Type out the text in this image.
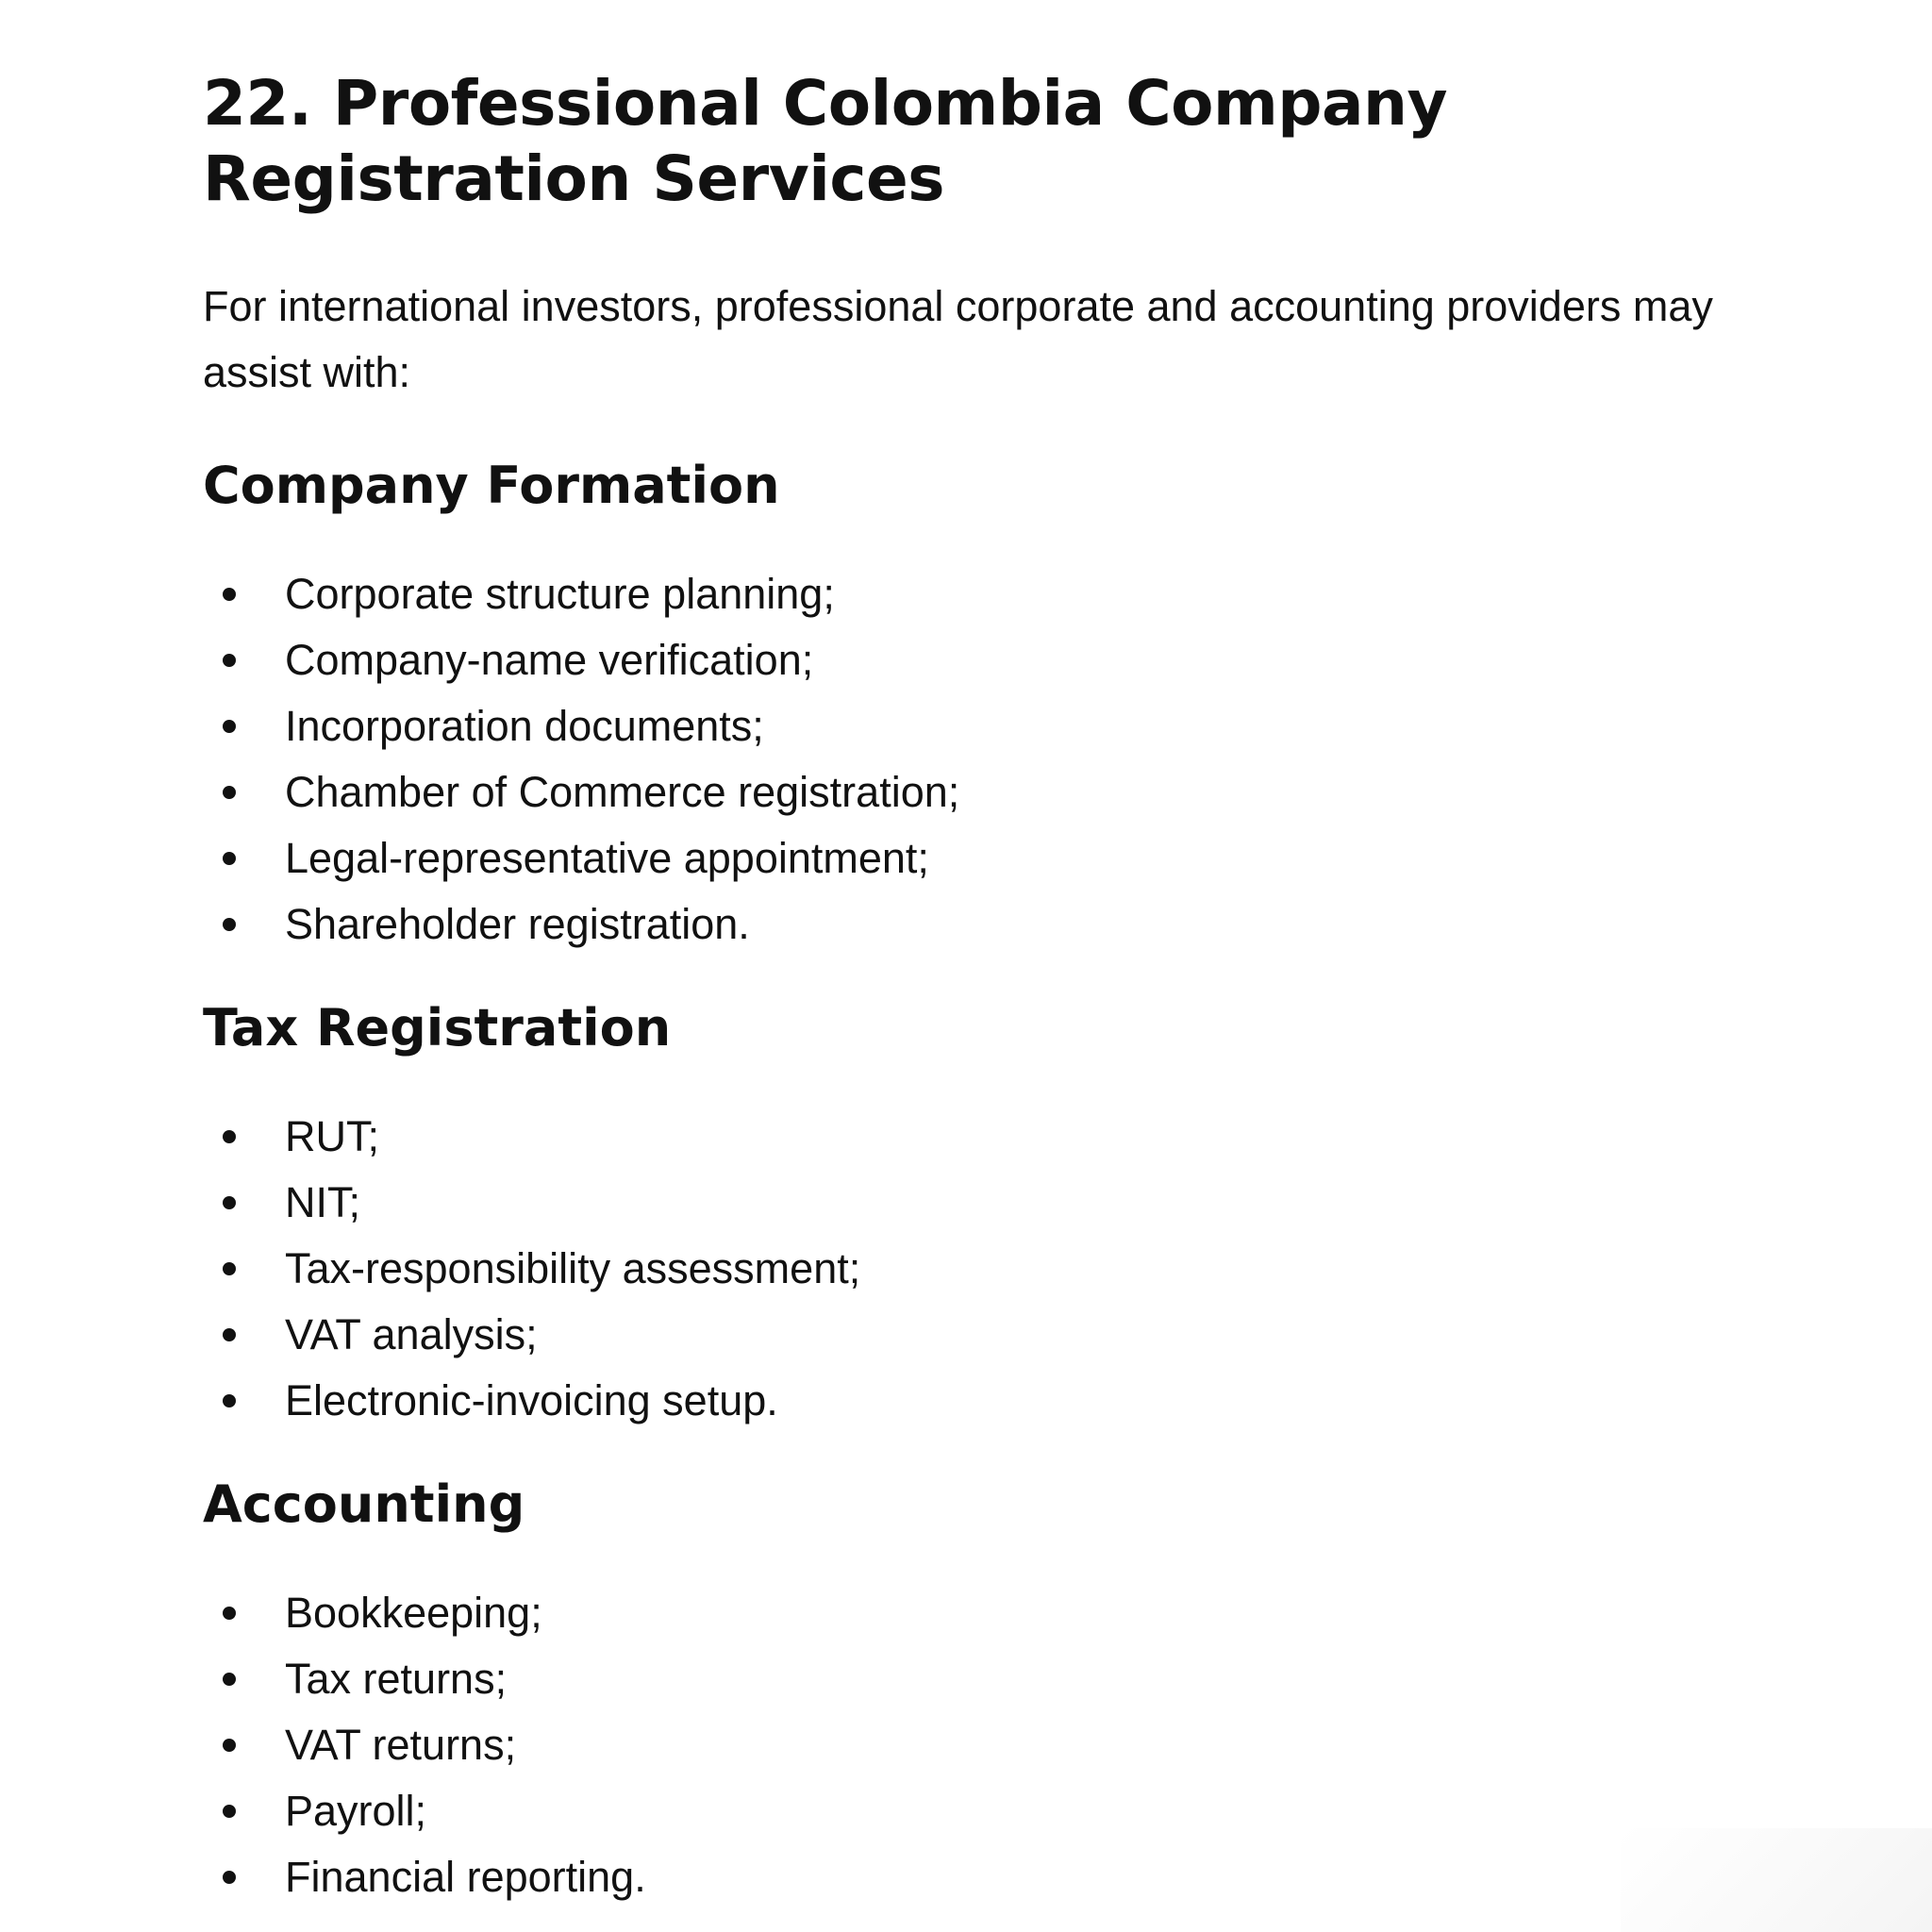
22. Professional Colombia Company Registration Services

For international investors, professional corporate and accounting providers may assist with:

Company Formation
Corporate structure planning;
Company-name verification;
Incorporation documents;
Chamber of Commerce registration;
Legal-representative appointment;
Shareholder registration.
Tax Registration
RUT;
NIT;
Tax-responsibility assessment;
VAT analysis;
Electronic-invoicing setup.
Accounting
Bookkeeping;
Tax returns;
VAT returns;
Payroll;
Financial reporting.
